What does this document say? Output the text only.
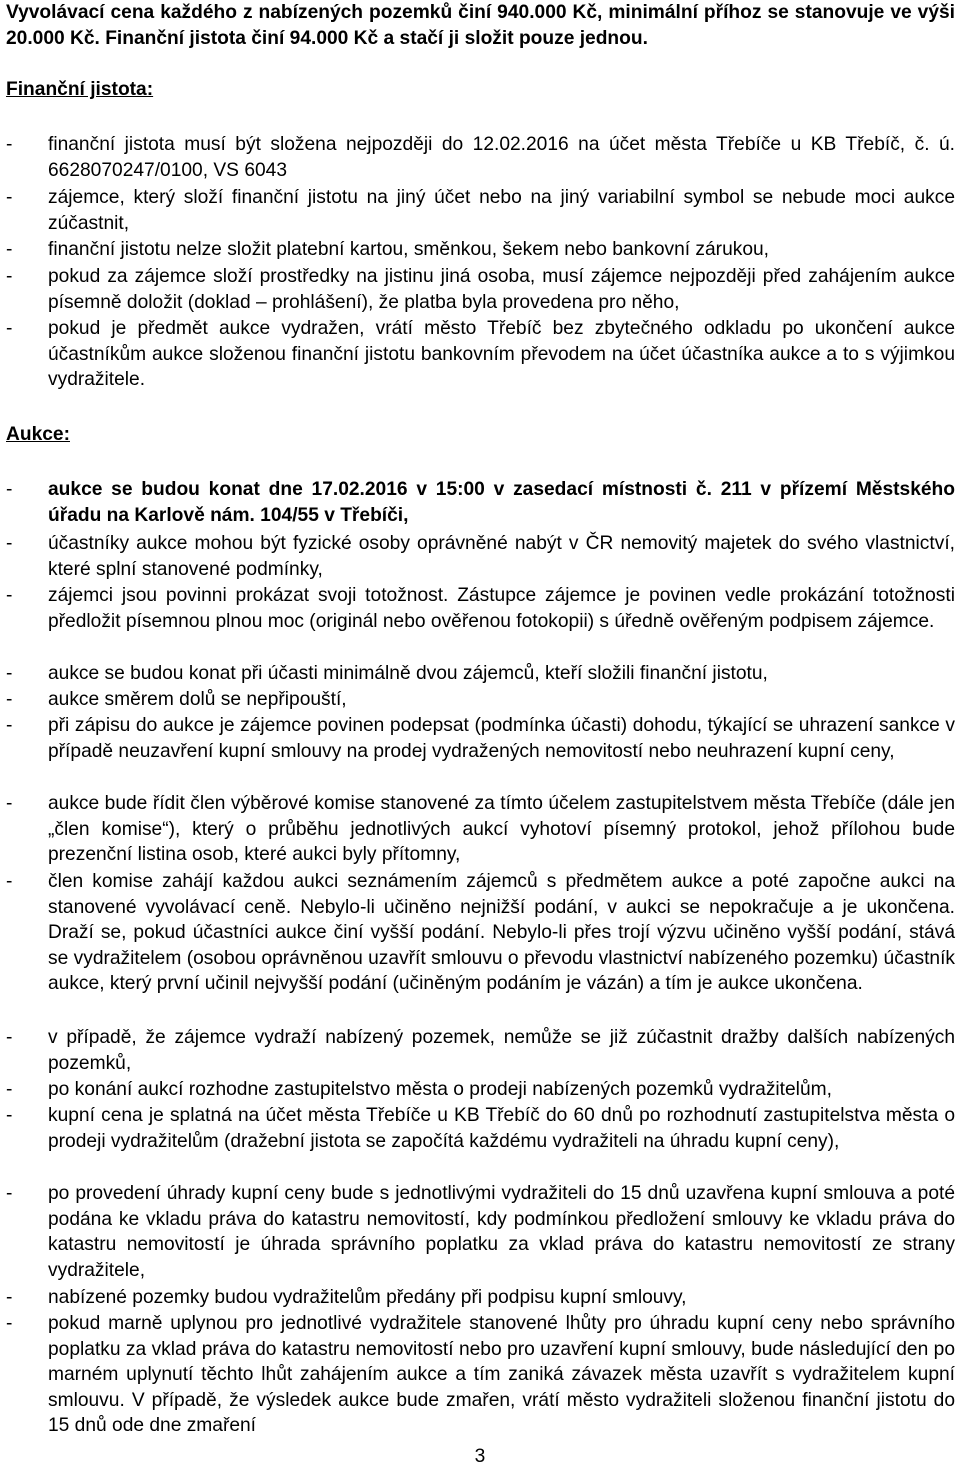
Vyvolávací cena každého z nabízených pozemků činí 940.000 Kč, minimální příhoz se stanovuje ve výši 20.000 Kč. Finanční jistota činí 94.000 Kč a stačí ji složit pouze jednou.

Finanční jistota:

-	finanční jistota musí být složena nejpozději do 12.02.2016 na účet města Třebíče u KB Třebíč, č. ú. 6628070247/0100, VS 6043

-	zájemce, který složí finanční jistotu na jiný účet nebo na jiný variabilní symbol se nebude moci aukce zúčastnit,

-	finanční jistotu nelze složit platební kartou, směnkou, šekem nebo bankovní zárukou,

-	pokud za zájemce složí prostředky na jistinu jiná osoba, musí zájemce nejpozději před zahájením aukce písemně doložit (doklad – prohlášení), že platba byla provedena pro něho,

-	pokud je předmět aukce vydražen, vrátí město Třebíč bez zbytečného odkladu po ukončení aukce účastníkům aukce složenou finanční jistotu bankovním převodem na účet účastníka aukce a to s výjimkou vydražitele.

Aukce:

-	aukce se budou konat dne 17.02.2016 v 15:00 v zasedací místnosti č. 211 v přízemí Městského úřadu na Karlově nám. 104/55 v Třebíči,

-	účastníky aukce mohou být fyzické osoby oprávněné nabýt v ČR nemovitý majetek do svého vlastnictví, které splní stanovené podmínky,

-	zájemci jsou povinni prokázat svoji totožnost. Zástupce zájemce je povinen vedle prokázání totožnosti předložit písemnou plnou moc (originál nebo ověřenou fotokopii) s úředně ověřeným podpisem zájemce.

-	aukce se budou konat při účasti minimálně dvou zájemců, kteří složili finanční jistotu,

-	aukce směrem dolů se nepřipouští,

-	při zápisu do aukce je zájemce povinen podepsat (podmínka účasti) dohodu, týkající se uhrazení sankce v případě neuzavření kupní smlouvy na prodej vydražených nemovitostí nebo neuhrazení kupní ceny,

-	aukce bude řídit člen výběrové komise stanovené za tímto účelem zastupitelstvem města Třebíče (dále jen „člen komise“), který o průběhu jednotlivých aukcí vyhotoví písemný protokol, jehož přílohou bude prezenční listina osob, které aukci byly přítomny,

-	člen komise zahájí každou aukci seznámením zájemců s předmětem aukce a poté započne aukci na stanovené vyvolávací ceně. Nebylo-li učiněno nejnižší podání, v aukci se nepokračuje a je ukončena. Draží se, pokud účastníci aukce činí vyšší podání. Nebylo-li přes trojí výzvu učiněno vyšší podání, stává se vydražitelem (osobou oprávněnou uzavřít smlouvu o převodu vlastnictví nabízeného pozemku) účastník aukce, který první učinil nejvyšší podání (učiněným podáním je vázán) a tím je aukce ukončena.

-	v případě, že zájemce vydraží nabízený pozemek, nemůže se již zúčastnit dražby dalších nabízených pozemků,

-	po konání aukcí rozhodne zastupitelstvo města o prodeji nabízených pozemků vydražitelům,

-	kupní cena je splatná na účet města Třebíče u KB Třebíč do 60 dnů po rozhodnutí zastupitelstva města o prodeji vydražitelům (dražební jistota se započítá každému vydražiteli na úhradu kupní ceny),

-	po provedení úhrady kupní ceny bude s jednotlivými vydražiteli do 15 dnů uzavřena kupní smlouva a poté podána ke vkladu práva do katastru nemovitostí, kdy podmínkou předložení smlouvy ke vkladu práva do katastru nemovitostí je úhrada správního poplatku za vklad práva do katastru nemovitostí ze strany vydražitele,

-	nabízené pozemky budou vydražitelům předány při podpisu kupní smlouvy,

-	pokud marně uplynou pro jednotlivé vydražitele stanovené lhůty pro úhradu kupní ceny nebo správního poplatku za vklad práva do katastru nemovitostí nebo pro uzavření kupní smlouvy, bude následující den po marném uplynutí těchto lhůt zahájením aukce a tím zaniká závazek města uzavřít s vydražitelem kupní smlouvu. V případě, že výsledek aukce bude zmařen, vrátí město vydražiteli složenou finanční jistotu do 15 dnů ode dne zmaření

3
